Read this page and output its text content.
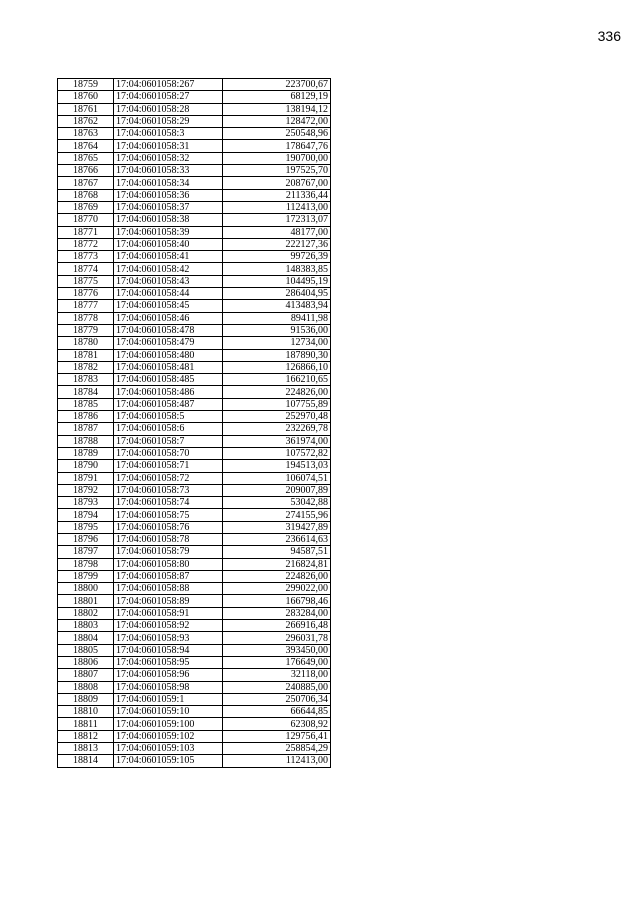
336
18759	17:04:0601058:267	223700,67
18760	17:04:0601058:27	68129,19
18761	17:04:0601058:28	138194,12
18762	17:04:0601058:29	128472,00
18763	17:04:0601058:3	250548,96
18764	17:04:0601058:31	178647,76
18765	17:04:0601058:32	190700,00
18766	17:04:0601058:33	197525,70
18767	17:04:0601058:34	208767,00
18768	17:04:0601058:36	211336,44
18769	17:04:0601058:37	112413,00
18770	17:04:0601058:38	172313,07
18771	17:04:0601058:39	48177,00
18772	17:04:0601058:40	222127,36
18773	17:04:0601058:41	99726,39
18774	17:04:0601058:42	148383,85
18775	17:04:0601058:43	104495,19
18776	17:04:0601058:44	286404,95
18777	17:04:0601058:45	413483,94
18778	17:04:0601058:46	89411,98
18779	17:04:0601058:478	91536,00
18780	17:04:0601058:479	12734,00
18781	17:04:0601058:480	187890,30
18782	17:04:0601058:481	126866,10
18783	17:04:0601058:485	166210,65
18784	17:04:0601058:486	224826,00
18785	17:04:0601058:487	107755,89
18786	17:04:0601058:5	252970,48
18787	17:04:0601058:6	232269,78
18788	17:04:0601058:7	361974,00
18789	17:04:0601058:70	107572,82
18790	17:04:0601058:71	194513,03
18791	17:04:0601058:72	106074,51
18792	17:04:0601058:73	209007,89
18793	17:04:0601058:74	53042,88
18794	17:04:0601058:75	274155,96
18795	17:04:0601058:76	319427,89
18796	17:04:0601058:78	236614,63
18797	17:04:0601058:79	94587,51
18798	17:04:0601058:80	216824,81
18799	17:04:0601058:87	224826,00
18800	17:04:0601058:88	299022,00
18801	17:04:0601058:89	166798,46
18802	17:04:0601058:91	283284,00
18803	17:04:0601058:92	266916,48
18804	17:04:0601058:93	296031,78
18805	17:04:0601058:94	393450,00
18806	17:04:0601058:95	176649,00
18807	17:04:0601058:96	32118,00
18808	17:04:0601058:98	240885,00
18809	17:04:0601059:1	250706,34
18810	17:04:0601059:10	66644,85
18811	17:04:0601059:100	62308,92
18812	17:04:0601059:102	129756,41
18813	17:04:0601059:103	258854,29
18814	17:04:0601059:105	112413,00
